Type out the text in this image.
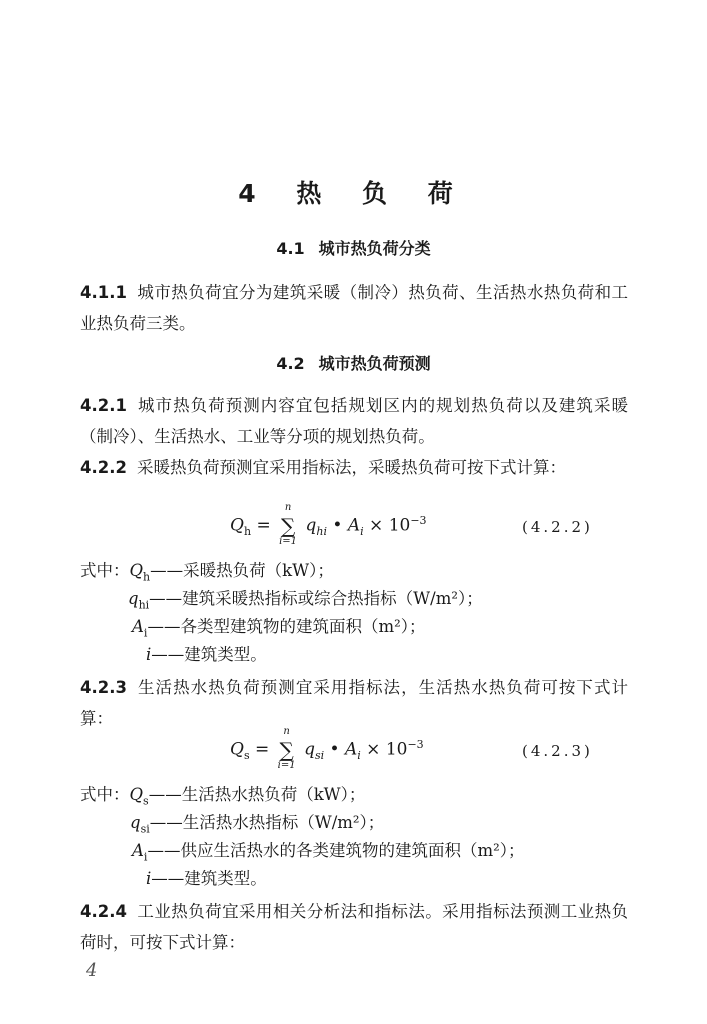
4 热 负 荷
4.1 城市热负荷分类
4.1.1 城市热负荷宜分为建筑采暖（制冷）热负荷、生活热水热负荷和工业热负荷三类。
4.2 城市热负荷预测
4.2.1 城市热负荷预测内容宜包括规划区内的规划热负荷以及建筑采暖（制冷）、生活热水、工业等分项的规划热负荷。
4.2.2 采暖热负荷预测宜采用指标法，采暖热负荷可按下式计算：
$Q_h$ = ∑
n
i=1
$q_{hi}$ • $A_i \times 10^{-3}$	(4.2.2)
式中：$Q_h——$采暖热负荷（kW）；
$q_{hi}——$建筑采暖热指标或综合热指标（W/m²）；
$A_i——$各类型建筑物的建筑面积（m²）；
i——建筑类型。
4.2.3 生活热水热负荷预测宜采用指标法，生活热水热负荷可按下式计算：
$Q_s$ = ∑
n
i=1
$q_{si}$ • $A_i \times 10^{-3}$	(4.2.3)
式中：$Q_s——$生活热水热负荷（kW）；
$q_{si}——$生活热水热指标（W/m²）；
$A_i——$供应生活热水的各类建筑物的建筑面积（m²）；
i——建筑类型。
4.2.4 工业热负荷宜采用相关分析法和指标法。采用指标法预测工业热负荷时，可按下式计算：
4
